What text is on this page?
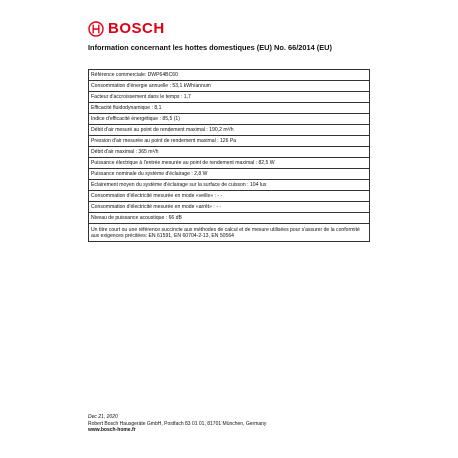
BOSCH
Information concernant les hottes domestiques (EU) No. 66/2014 (EU)
Référence commerciale: DWP64BC60
Consommation d'énergie annuelle : 53,1 kWh/annum
Facteur d'accroissement dans le temps : 1,7
Efficacité fluidodynamique : 8,1
Indice d'efficacité énergétique : 85,5 (1)
Débit d'air mesuré au point de rendement maximal : 190,2 m³/h
Pression d'air mesurée au point de rendement maximal : 126 Pa
Débit d'air maximal : 365 m³/h
Puissance électrique à l'entrée mesurée au point de rendement maximal : 82,5 W
Puissance nominale du système d'éclairage : 2,8 W
Éclairement moyen du système d'éclairage sur la surface de cuisson : 104 lux
Consommation d'électricité mesurée en mode «veille» : - -
Consommation d'électricité mesurée en mode «arrêt» : - -
Niveau de puissance acoustique : 66 dB
Un titre court ou une référence succincte aux méthodes de calcul et de mesure utilisées pour s'assurer de la conformité aux exigences précitées: EN 61591, EN 60704-2-13, EN 50564
Dec 21, 2020
Robert Bosch Hausgeräte GmbH, Postfach 83 01 01, 81701 München, Germany
www.bosch-home.fr
